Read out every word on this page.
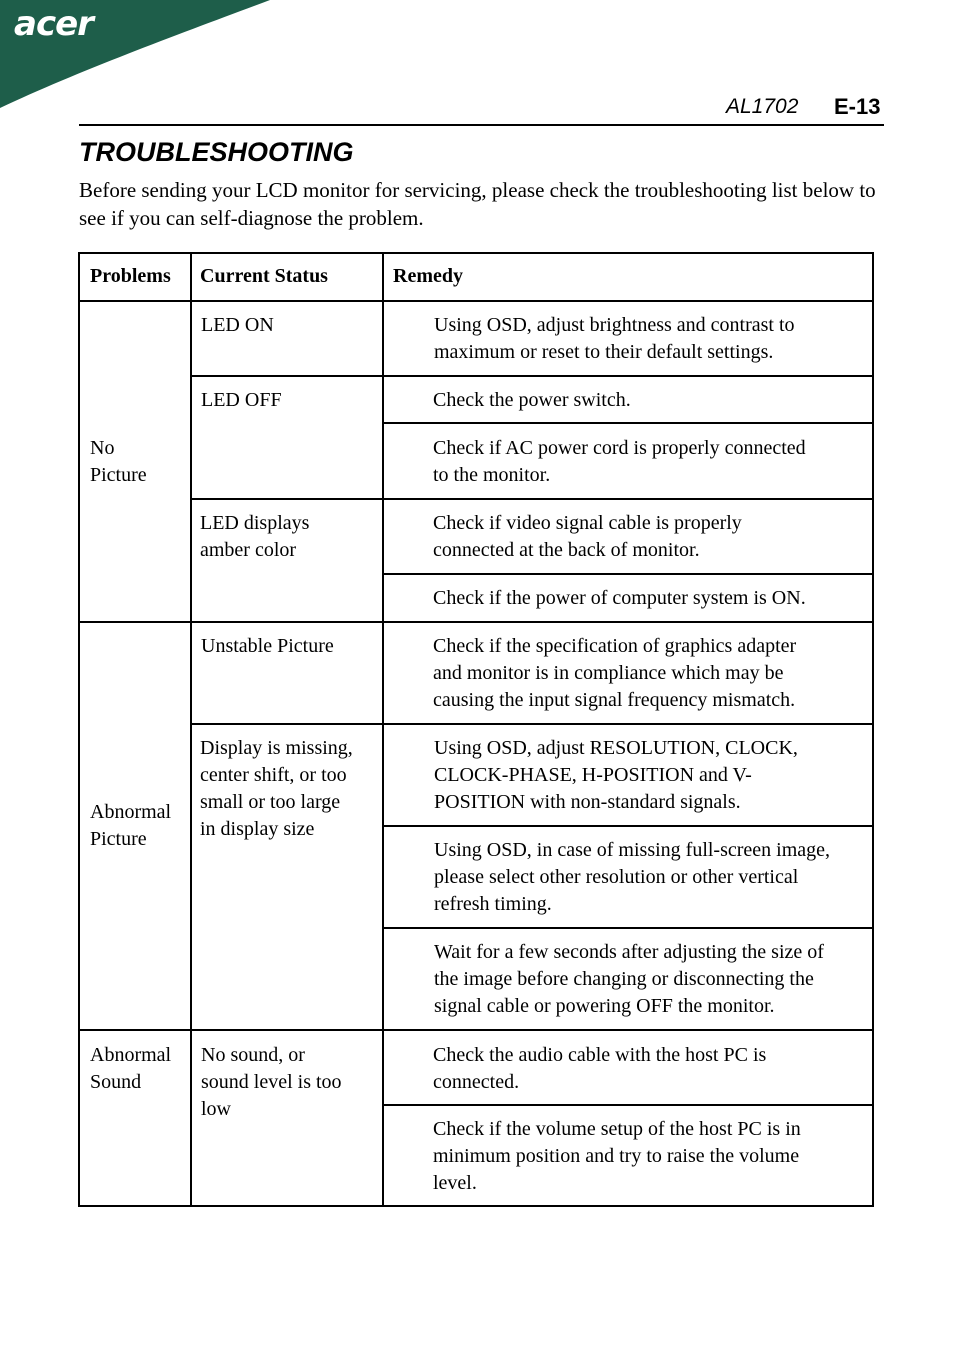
acer
AL1702 E-13
TROUBLESHOOTING

Before sending your LCD monitor for servicing, please check the troubleshooting list below to see if you can self-diagnose the problem.

Problems Current Status	Remedy
No
Picture
Abnormal
Picture
Abnormal
Sound
LED ON
LED OFF
LED displays
amber color
Unstable Picture
Display is missing,
center shift, or too
small or too large
in display size
No sound, or
sound level is too
low
Using OSD, adjust brightness and contrast to
maximum or reset to their default settings.
Check the power switch.
Check if AC power cord is properly connected
to the monitor.
Check if video signal cable is properly
connected at the back of monitor.
Check if the power of computer system is ON.
Check if the specification of graphics adapter
and monitor is in compliance which may be
causing the input signal frequency mismatch.
Using OSD, adjust RESOLUTION, CLOCK,
CLOCK-PHASE, H-POSITION and V-
POSITION with non-standard signals.
Using OSD, in case of missing full-screen image,
please select other resolution or other vertical
refresh timing.
Wait for a few seconds after adjusting the size of
the image before changing or disconnecting the
signal cable or powering OFF the monitor.
Check the audio cable with the host PC is
connected.
Check if the volume setup of the host PC is in
minimum position and try to raise the volume
level.
